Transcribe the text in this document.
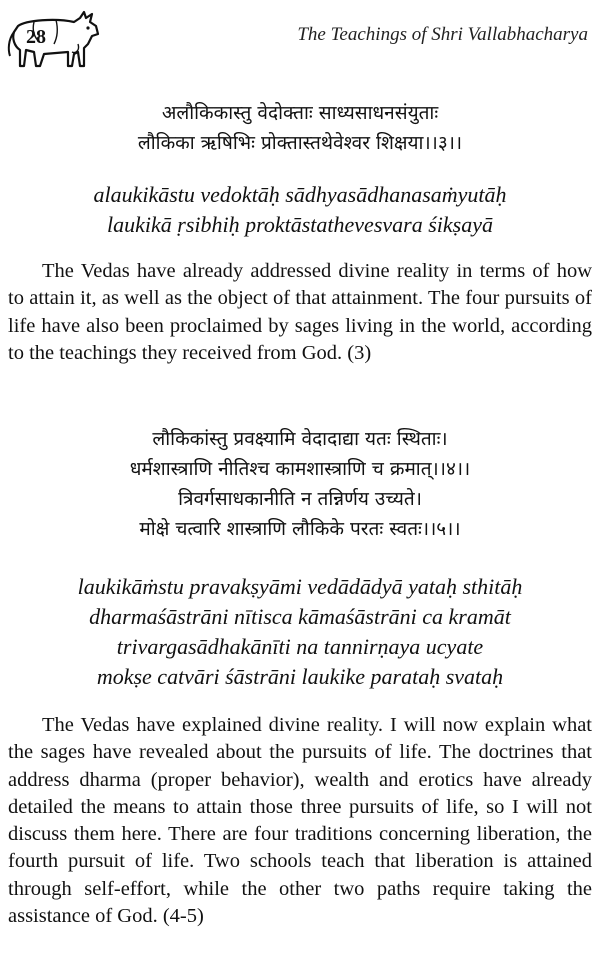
28	The Teachings of Shri Vallabhacharya
अलौकिकास्तु वेदोक्ताः साध्यसाधनसंयुताः
लौकिका ऋषिभिः प्रोक्तास्तथेवेश्वर शिक्षया।।३।।
alaukikāstu vedoktāḥ sādhyasādhanasaṁyutāḥ
laukikā ṛsibhiḥ proktāstathevesvara śikṣayā
The Vedas have already addressed divine reality in terms of how to attain it, as well as the object of that attainment. The four pursuits of life have also been proclaimed by sages living in the world, according to the teachings they received from God. (3)
लौकिकांस्तु प्रवक्ष्यामि वेदादाद्या यतः स्थिताः।
धर्मशास्त्राणि नीतिश्च कामशास्त्राणि च क्रमात्।।४।।
त्रिवर्गसाधकानीति न तन्निर्णय उच्यते।
मोक्षे चत्वारि शास्त्राणि लौकिके परतः स्वतः।।५।।
laukikāṁstu pravakṣyāmi vedādādyā yataḥ sthitāḥ
dharmaśāstrāni nītisca kāmaśāstrāni ca kramāt
trivargasādhakānīti na tannirṇaya ucyate
mokṣe catvāri śāstrāni laukike parataḥ svataḥ
The Vedas have explained divine reality. I will now explain what the sages have revealed about the pursuits of life. The doctrines that address dharma (proper behavior), wealth and erotics have already detailed the means to attain those three pursuits of life, so I will not discuss them here. There are four traditions concerning liberation, the fourth pursuit of life. Two schools teach that liberation is attained through self-effort, while the other two paths require taking the assistance of God. (4-5)
